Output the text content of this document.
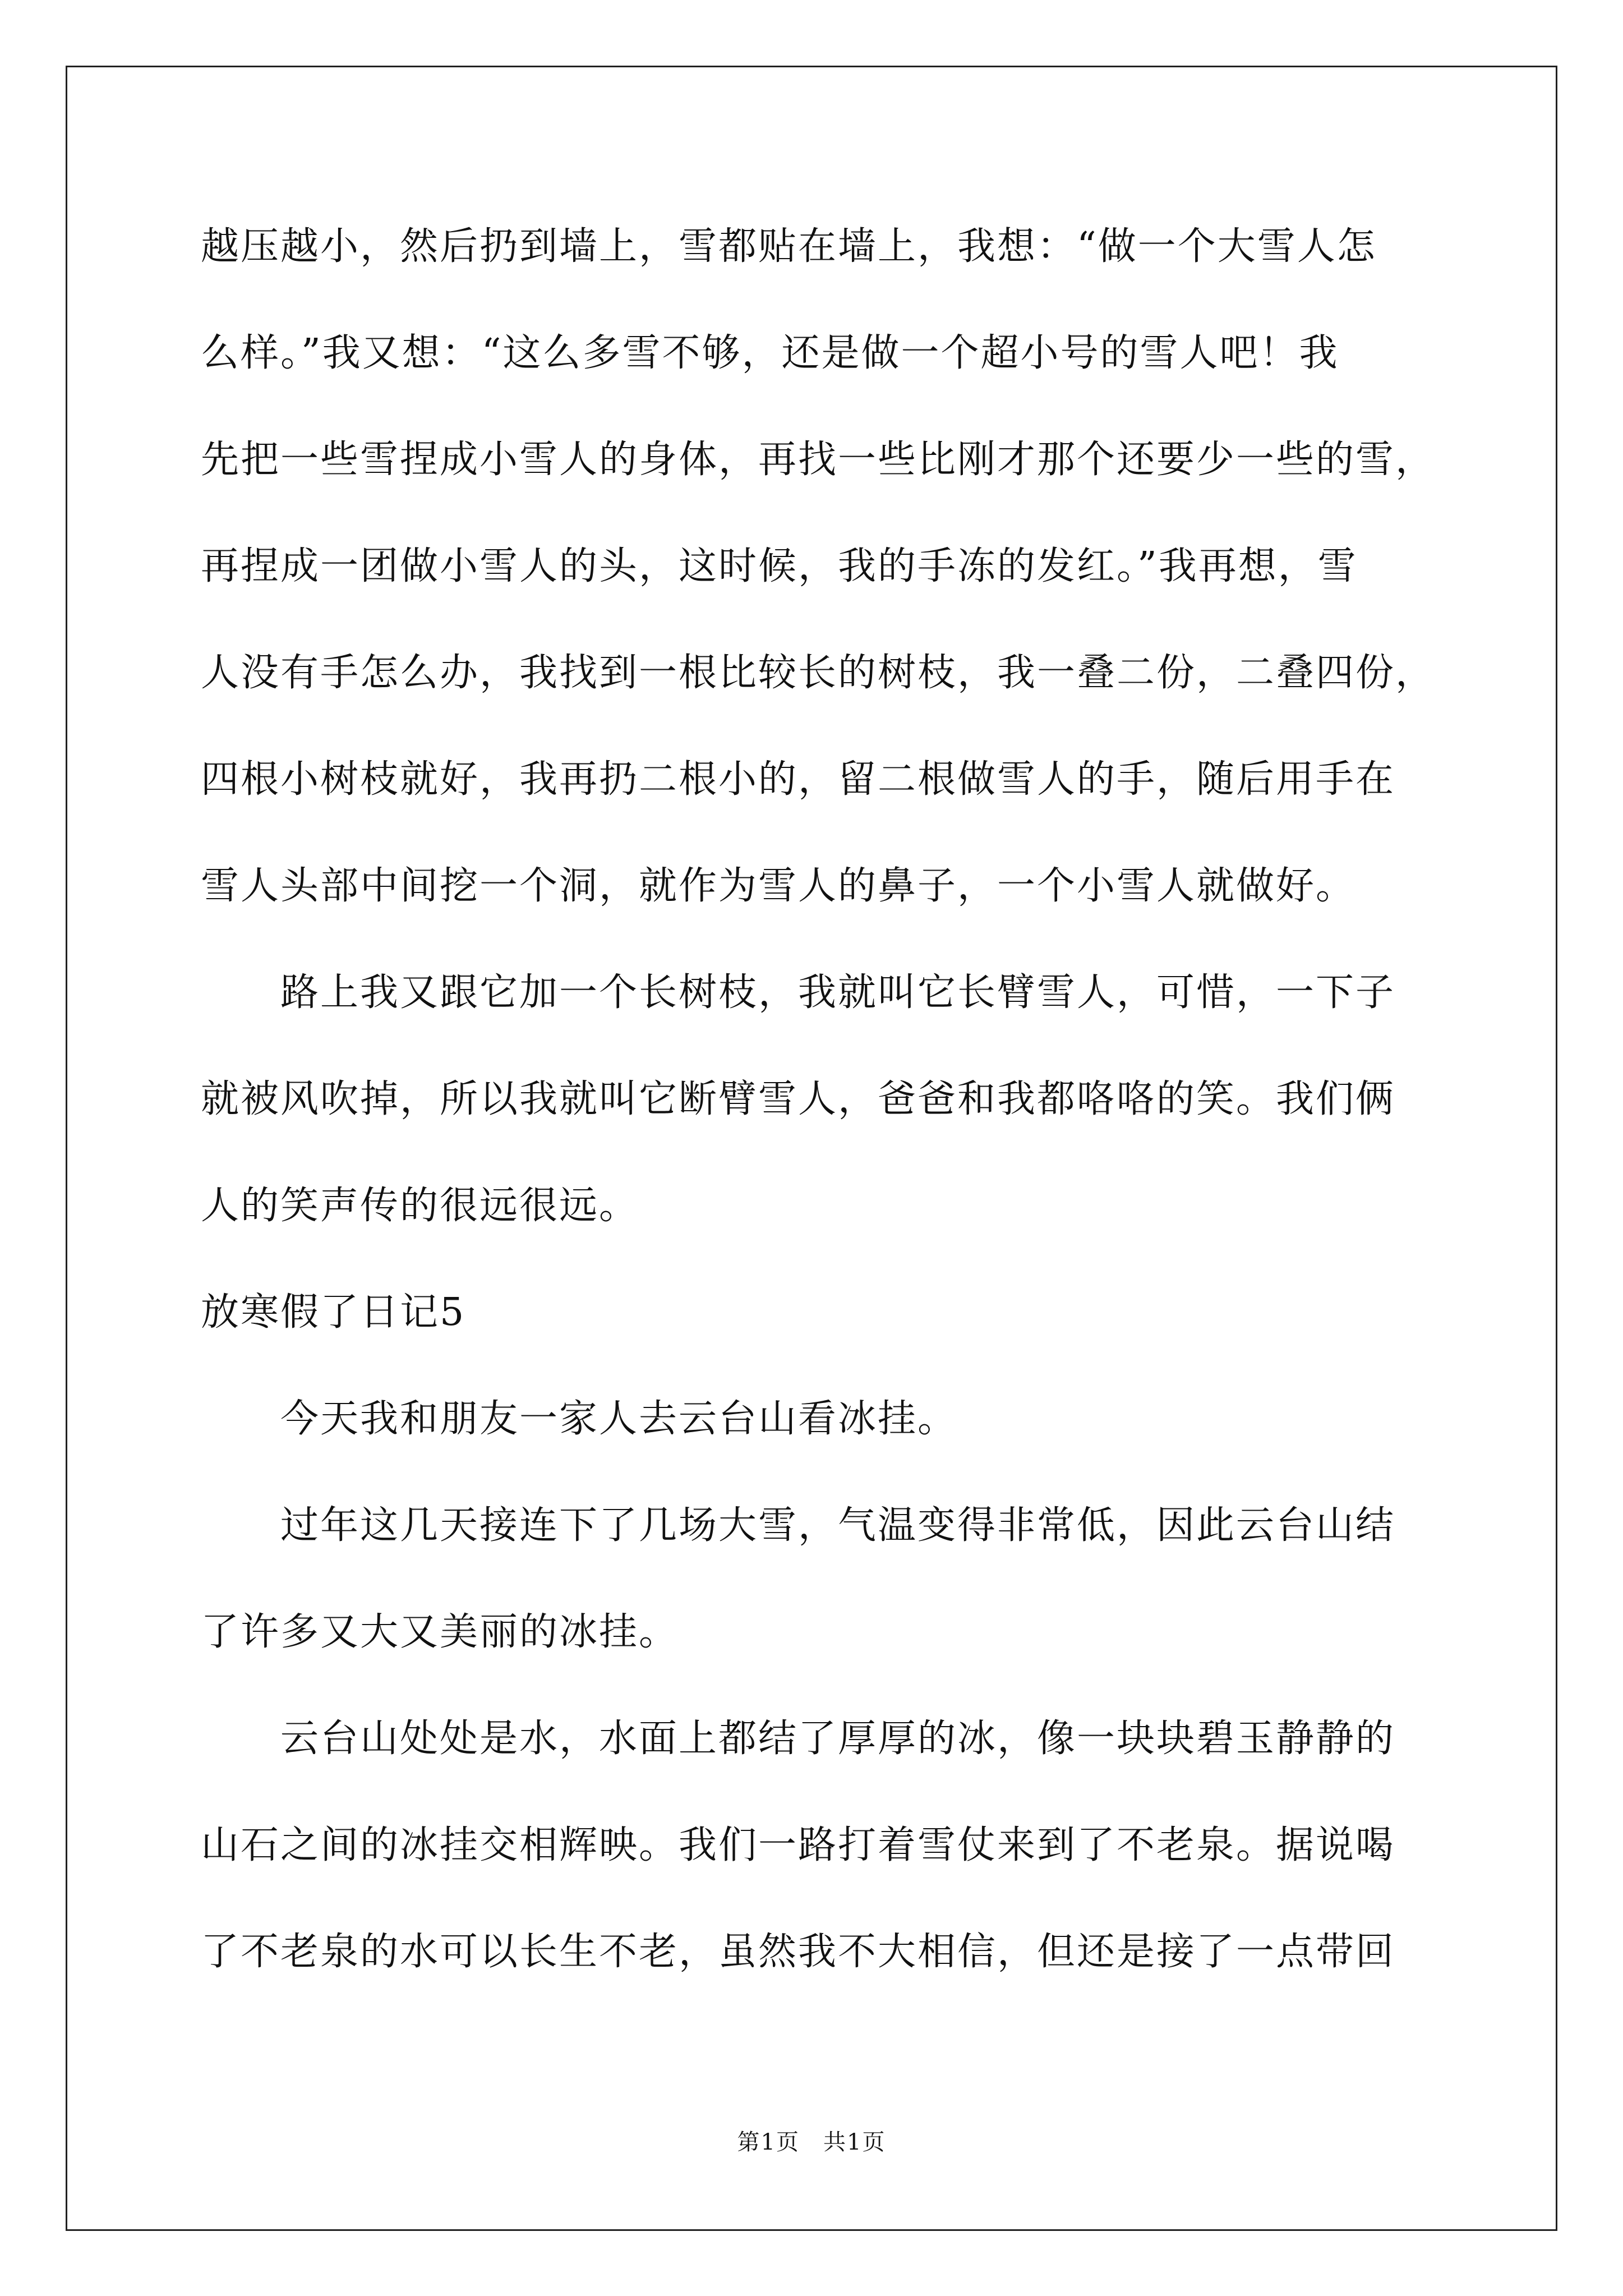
越压越小，然后扔到墙上，雪都贴在墙上，我想：“做一个大雪人怎
么样。”我又想：“这么多雪不够，还是做一个超小号的雪人吧！我
先把一些雪捏成小雪人的身体，再找一些比刚才那个还要少一些的雪，
再捏成一团做小雪人的头，这时候，我的手冻的发红。”我再想，雪
人没有手怎么办，我找到一根比较长的树枝，我一叠二份，二叠四份，
四根小树枝就好，我再扔二根小的，留二根做雪人的手，随后用手在
雪人头部中间挖一个洞，就作为雪人的鼻子，一个小雪人就做好。
路上我又跟它加一个长树枝，我就叫它长臂雪人，可惜，一下子
就被风吹掉，所以我就叫它断臂雪人，爸爸和我都咯咯的笑。我们俩
人的笑声传的很远很远。
放寒假了日记5
今天我和朋友一家人去云台山看冰挂。
过年这几天接连下了几场大雪，气温变得非常低，因此云台山结
了许多又大又美丽的冰挂。
云台山处处是水，水面上都结了厚厚的冰，像一块块碧玉静静的
山石之间的冰挂交相辉映。我们一路打着雪仗来到了不老泉。据说喝
了不老泉的水可以长生不老，虽然我不大相信，但还是接了一点带回
第1页　共1页
